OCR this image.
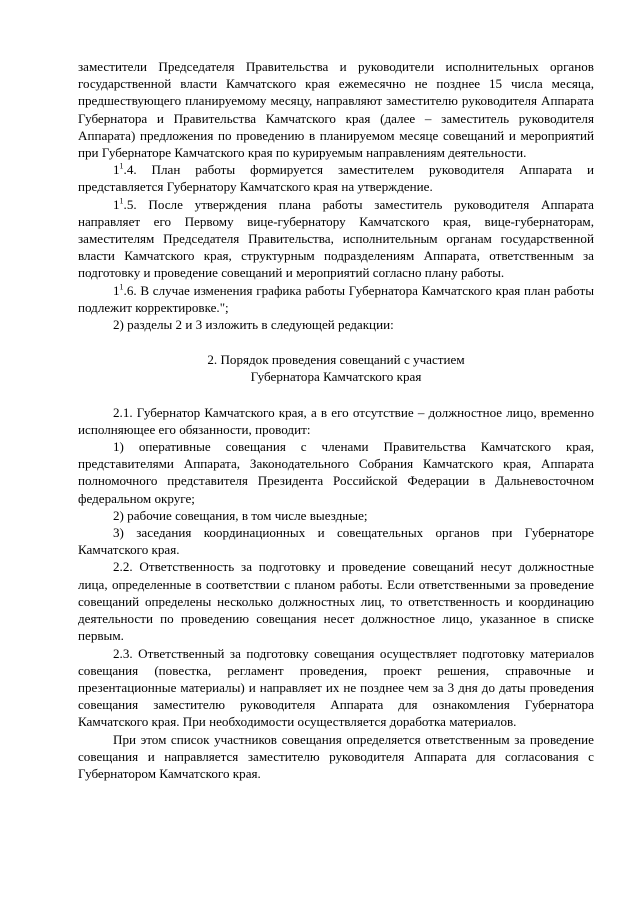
заместители Председателя Правительства и руководители исполнительных органов государственной власти Камчатского края ежемесячно не позднее 15 числа месяца, предшествующего планируемому месяцу, направляют заместителю руководителя Аппарата Губернатора и Правительства Камчатского края (далее – заместитель руководителя Аппарата) предложения по проведению в планируемом месяце совещаний и мероприятий при Губернаторе Камчатского края по курируемым направлениям деятельности.

$1^1.4$. План работы формируется заместителем руководителя Аппарата и представляется Губернатору Камчатского края на утверждение.

$1^1.5$. После утверждения плана работы заместитель руководителя Аппарата направляет его Первому вице-губернатору Камчатского края, вице-губернаторам, заместителям Председателя Правительства, исполнительным органам государственной власти Камчатского края, структурным подразделениям Аппарата, ответственным за подготовку и проведение совещаний и мероприятий согласно плану работы.

$1^1.6$. В случае изменения графика работы Губернатора Камчатского края план работы подлежит корректировке.";

2) разделы 2 и 3 изложить в следующей редакции:

2. Порядок проведения совещаний с участием
Губернатора Камчатского края

2.1. Губернатор Камчатского края, а в его отсутствие – должностное лицо, временно исполняющее его обязанности, проводит:

1) оперативные совещания с членами Правительства Камчатского края, представителями Аппарата, Законодательного Собрания Камчатского края, Аппарата полномочного представителя Президента Российской Федерации в Дальневосточном федеральном округе;

2) рабочие совещания, в том числе выездные;

3) заседания координационных и совещательных органов при Губернаторе Камчатского края.

2.2. Ответственность за подготовку и проведение совещаний несут должностные лица, определенные в соответствии с планом работы. Если ответственными за проведение совещаний определены несколько должностных лиц, то ответственность и координацию деятельности по проведению совещания несет должностное лицо, указанное в списке первым.

2.3. Ответственный за подготовку совещания осуществляет подготовку материалов совещания (повестка, регламент проведения, проект решения, справочные и презентационные материалы) и направляет их не позднее чем за 3 дня до даты проведения совещания заместителю руководителя Аппарата для ознакомления Губернатора Камчатского края. При необходимости осуществляется доработка материалов.

При этом список участников совещания определяется ответственным за проведение совещания и направляется заместителю руководителя Аппарата для согласования с Губернатором Камчатского края.
